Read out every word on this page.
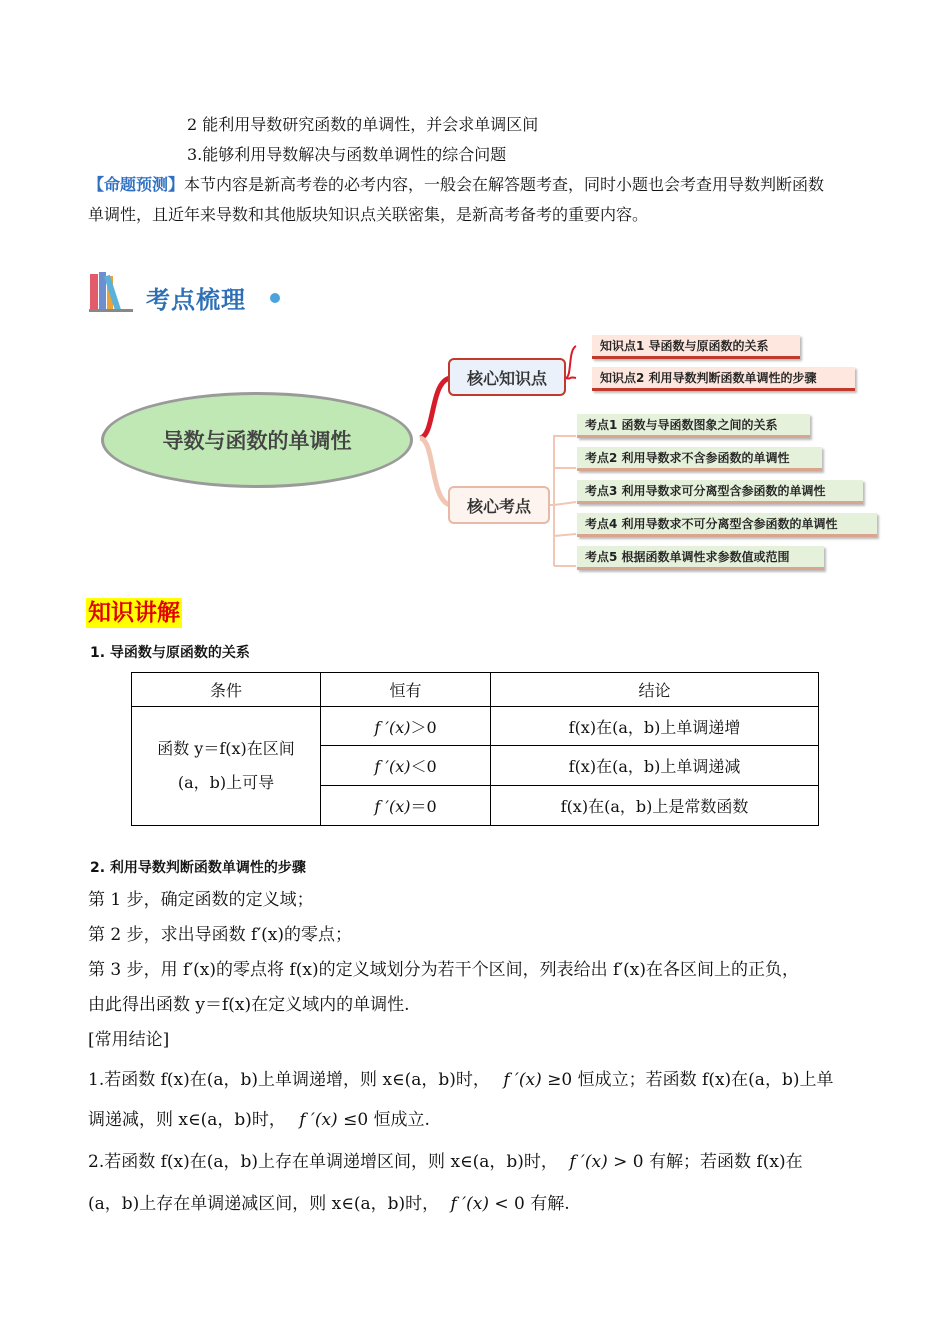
2 能利用导数研究函数的单调性，并会求单调区间
3.能够利用导数解决与函数单调性的综合问题
【命题预测】本节内容是新高考卷的必考内容，一般会在解答题考查，同时小题也会考查用导数判断函数
单调性，且近年来导数和其他版块知识点关联密集，是新高考备考的重要内容。
考点梳理
导数与函数的单调性
核心知识点
核心考点
知识点1 导函数与原函数的关系
知识点2 利用导数判断函数单调性的步骤
考点1 函数与导函数图象之间的关系
考点2 利用导数求不含参函数的单调性
考点3 利用导数求可分离型含参函数的单调性
考点4 利用导数求不可分离型含参函数的单调性
考点5 根据函数单调性求参数值或范围
知识讲解
1. 导函数与原函数的关系
条件	恒有	结论
函数 y＝f(x)在区间
(a，b)上可导	f ′(x)＞0	f(x)在(a，b)上单调递增
	f ′(x)＜0	f(x)在(a，b)上单调递减
	f ′(x)＝0	f(x)在(a，b)上是常数函数
2. 利用导数判断函数单调性的步骤
第 1 步，确定函数的定义域；
第 2 步，求出导函数 f′(x)的零点；
第 3 步，用 f′(x)的零点将 f(x)的定义域划分为若干个区间，列表给出 f′(x)在各区间上的正负，
由此得出函数 y＝f(x)在定义域内的单调性.
[常用结论]
1.若函数 f(x)在(a，b)上单调递增，则 x∈(a，b)时， f ′(x) ≥0 恒成立；若函数 f(x)在(a，b)上单
调递减，则 x∈(a，b)时， f ′(x) ≤0 恒成立.
2.若函数 f(x)在(a，b)上存在单调递增区间，则 x∈(a，b)时， f ′(x) > 0 有解；若函数 f(x)在
(a，b)上存在单调递减区间，则 x∈(a，b)时， f ′(x) < 0 有解.
